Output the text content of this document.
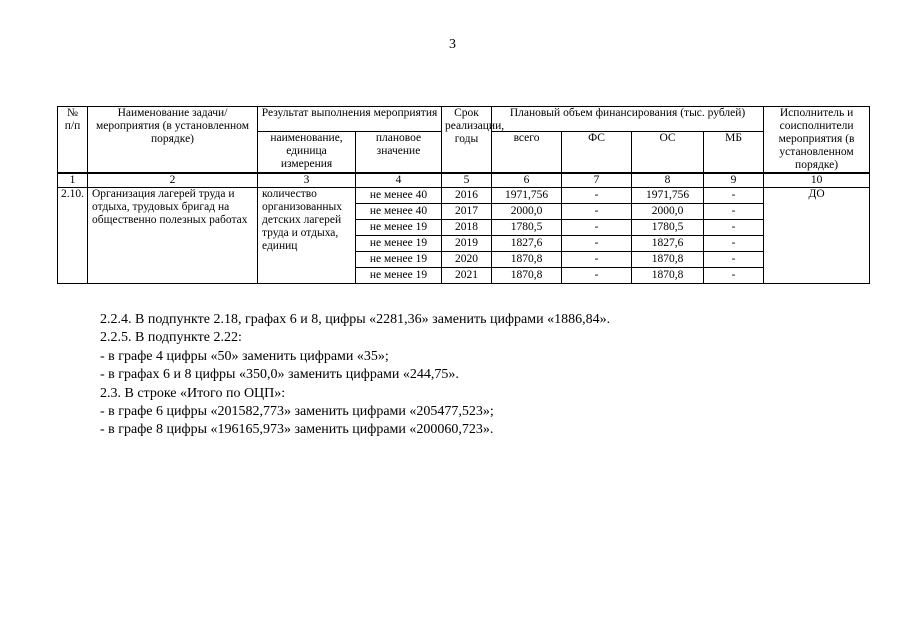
3
№ п/п	Наименование задачи/мероприятия (в установленном порядке)	Результат выполнения мероприятия		Срок реализации, годы	Плановый объем финансирования (тыс. рублей)				Исполнитель и соисполнители мероприятия (в установленном порядке)
		наименование, единица измерения	плановое значение		всего	ФС	ОС	МБ	
1	2	3	4	5	6	7	8	9	10
2.10.	Организация лагерей труда и отдыха, трудовых бригад на общественно полезных работах	количество организованных детских лагерей труда и отдыха, единиц	не менее 40	2016	1971,756	-	1971,756	-	ДО
			не менее 40	2017	2000,0	-	2000,0	-	
			не менее 19	2018	1780,5	-	1780,5	-	
			не менее 19	2019	1827,6	-	1827,6	-	
			не менее 19	2020	1870,8	-	1870,8	-	
			не менее 19	2021	1870,8	-	1870,8	-	
2.2.4. В подпункте 2.18, графах 6 и 8, цифры «2281,36» заменить цифрами «1886,84».
2.2.5. В подпункте 2.22:
- в графе 4 цифры «50» заменить цифрами «35»;
- в графах 6 и 8 цифры «350,0» заменить цифрами «244,75».
2.3. В строке «Итого по ОЦП»:
- в графе 6 цифры «201582,773» заменить цифрами «205477,523»;
- в графе 8 цифры «196165,973» заменить цифрами «200060,723».
